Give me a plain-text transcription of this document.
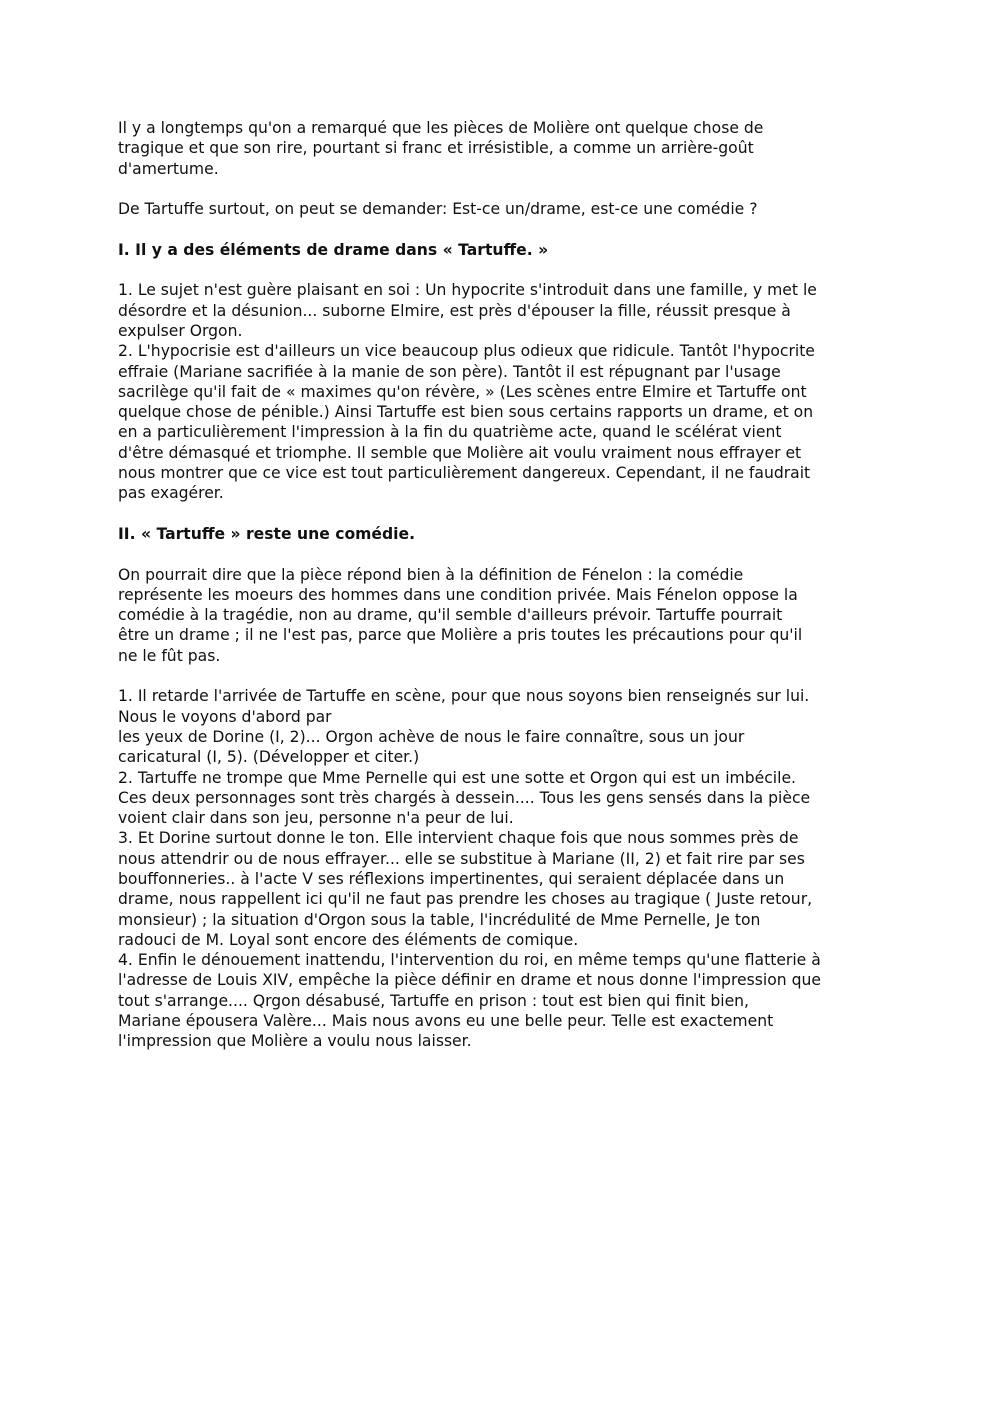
Il y a longtemps qu'on a remarqué que les pièces de Molière ont quelque chose de
tragique et que son rire, pourtant si franc et irrésistible, a comme un arrière-goût
d'amertume.

De Tartuffe surtout, on peut se demander: Est-ce un/drame, est-ce une comédie ?

I. Il y a des éléments de drame dans « Tartuffe. »

1. Le sujet n'est guère plaisant en soi : Un hypocrite s'introduit dans une famille, y met le
désordre et la désunion... suborne Elmire, est près d'épouser la fille, réussit presque à
expulser Orgon.
2. L'hypocrisie est d'ailleurs un vice beaucoup plus odieux que ridicule. Tantôt l'hypocrite
effraie (Mariane sacrifiée à la manie de son père). Tantôt il est répugnant par l'usage
sacrilège qu'il fait de « maximes qu'on révère, » (Les scènes entre Elmire et Tartuffe ont
quelque chose de pénible.) Ainsi Tartuffe est bien sous certains rapports un drame, et on
en a particulièrement l'impression à la fin du quatrième acte, quand le scélérat vient
d'être démasqué et triomphe. Il semble que Molière ait voulu vraiment nous effrayer et
nous montrer que ce vice est tout particulièrement dangereux. Cependant, il ne faudrait
pas exagérer.

II. « Tartuffe » reste une comédie.

On pourrait dire que la pièce répond bien à la définition de Fénelon : la comédie
représente les moeurs des hommes dans une condition privée. Mais Fénelon oppose la
comédie à la tragédie, non au drame, qu'il semble d'ailleurs prévoir. Tartuffe pourrait
être un drame ; il ne l'est pas, parce que Molière a pris toutes les précautions pour qu'il
ne le fût pas.

1. Il retarde l'arrivée de Tartuffe en scène, pour que nous soyons bien renseignés sur lui.
Nous le voyons d'abord par
les yeux de Dorine (I, 2)... Orgon achève de nous le faire connaître, sous un jour
caricatural (I, 5). (Développer et citer.)
2. Tartuffe ne trompe que Mme Pernelle qui est une sotte et Orgon qui est un imbécile.
Ces deux personnages sont très chargés à dessein.... Tous les gens sensés dans la pièce
voient clair dans son jeu, personne n'a peur de lui.
3. Et Dorine surtout donne le ton. Elle intervient chaque fois que nous sommes près de
nous attendrir ou de nous effrayer... elle se substitue à Mariane (II, 2) et fait rire par ses
bouffonneries.. à l'acte V ses réflexions impertinentes, qui seraient déplacée dans un
drame, nous rappellent ici qu'il ne faut pas prendre les choses au tragique ( Juste retour,
monsieur) ; la situation d'Orgon sous la table, l'incrédulité de Mme Pernelle, Je ton
radouci de M. Loyal sont encore des éléments de comique.
4. Enfin le dénouement inattendu, l'intervention du roi, en même temps qu'une flatterie à
l'adresse de Louis XIV, empêche la pièce définir en drame et nous donne l'impression que
tout s'arrange.... Qrgon désabusé, Tartuffe en prison : tout est bien qui finit bien,
Mariane épousera Valère... Mais nous avons eu une belle peur. Telle est exactement
l'impression que Molière a voulu nous laisser.
